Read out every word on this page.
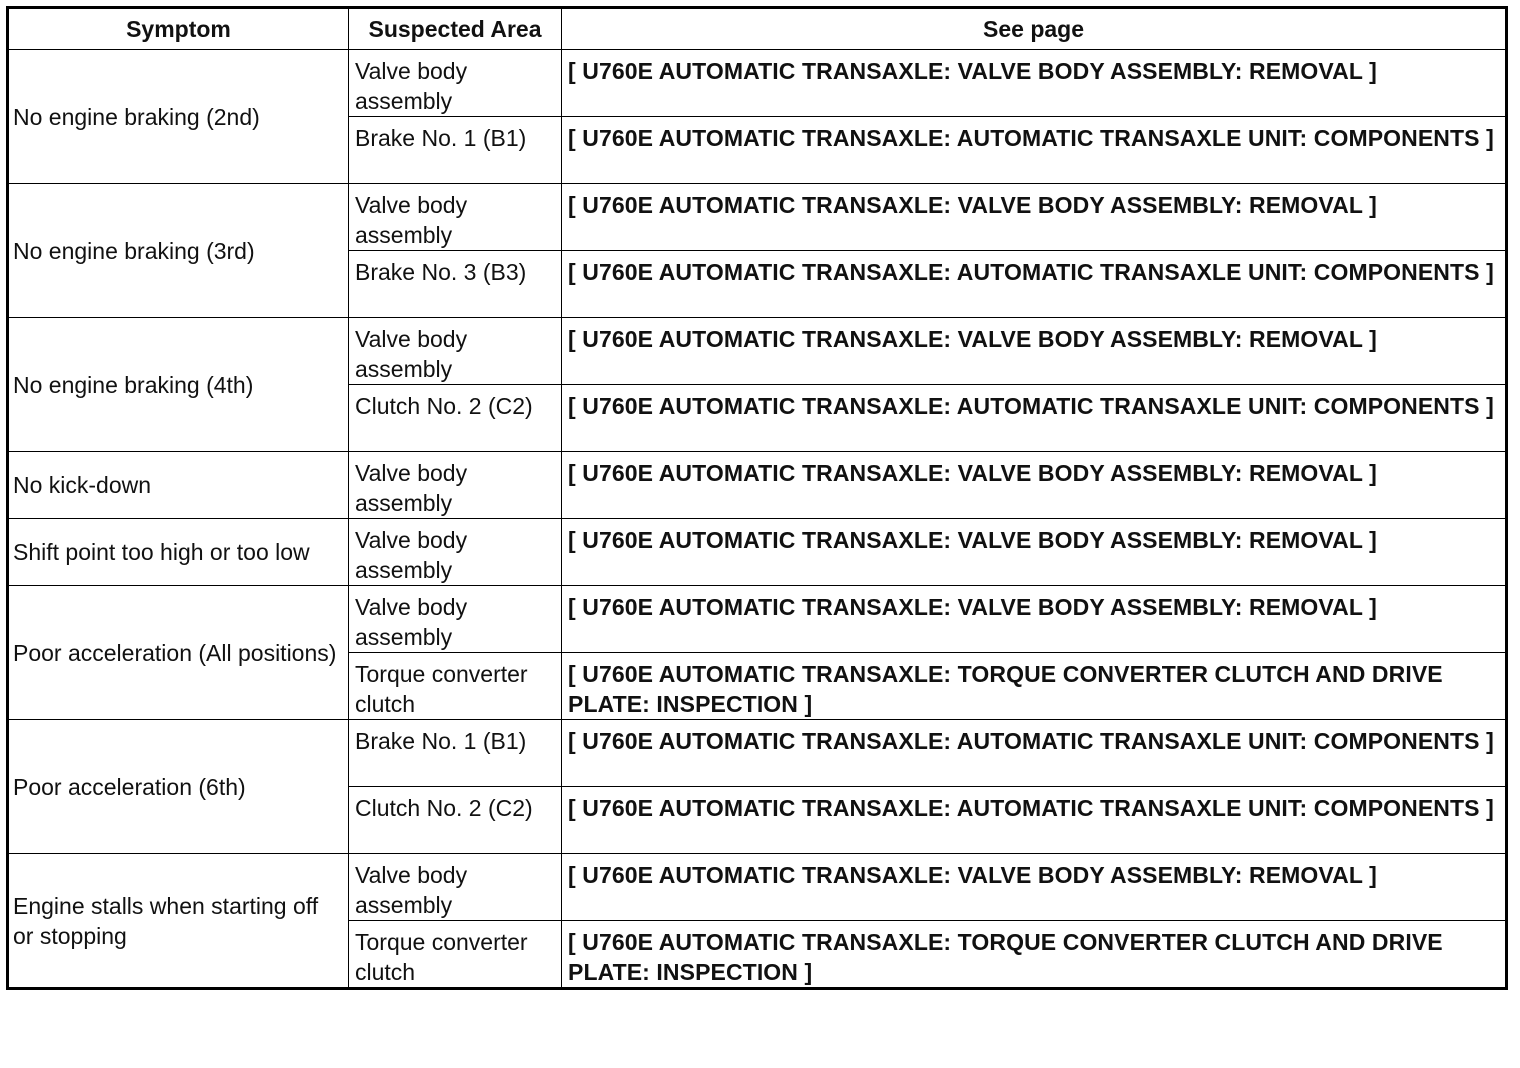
Symptom	Suspected Area	See page
No engine braking (2nd)	Valve body assembly	[ U760E AUTOMATIC TRANSAXLE: VALVE BODY ASSEMBLY: REMOVAL ]
	Brake No. 1 (B1)	[ U760E AUTOMATIC TRANSAXLE: AUTOMATIC TRANSAXLE UNIT: COMPONENTS ]
No engine braking (3rd)	Valve body assembly	[ U760E AUTOMATIC TRANSAXLE: VALVE BODY ASSEMBLY: REMOVAL ]
	Brake No. 3 (B3)	[ U760E AUTOMATIC TRANSAXLE: AUTOMATIC TRANSAXLE UNIT: COMPONENTS ]
No engine braking (4th)	Valve body assembly	[ U760E AUTOMATIC TRANSAXLE: VALVE BODY ASSEMBLY: REMOVAL ]
	Clutch No. 2 (C2)	[ U760E AUTOMATIC TRANSAXLE: AUTOMATIC TRANSAXLE UNIT: COMPONENTS ]
No kick-down	Valve body assembly	[ U760E AUTOMATIC TRANSAXLE: VALVE BODY ASSEMBLY: REMOVAL ]
Shift point too high or too low	Valve body assembly	[ U760E AUTOMATIC TRANSAXLE: VALVE BODY ASSEMBLY: REMOVAL ]
Poor acceleration (All positions)	Valve body assembly	[ U760E AUTOMATIC TRANSAXLE: VALVE BODY ASSEMBLY: REMOVAL ]
	Torque converter clutch	[ U760E AUTOMATIC TRANSAXLE: TORQUE CONVERTER CLUTCH AND DRIVE PLATE: INSPECTION ]
Poor acceleration (6th)	Brake No. 1 (B1)	[ U760E AUTOMATIC TRANSAXLE: AUTOMATIC TRANSAXLE UNIT: COMPONENTS ]
	Clutch No. 2 (C2)	[ U760E AUTOMATIC TRANSAXLE: AUTOMATIC TRANSAXLE UNIT: COMPONENTS ]
Engine stalls when starting off or stopping	Valve body assembly	[ U760E AUTOMATIC TRANSAXLE: VALVE BODY ASSEMBLY: REMOVAL ]
	Torque converter clutch	[ U760E AUTOMATIC TRANSAXLE: TORQUE CONVERTER CLUTCH AND DRIVE PLATE: INSPECTION ]
